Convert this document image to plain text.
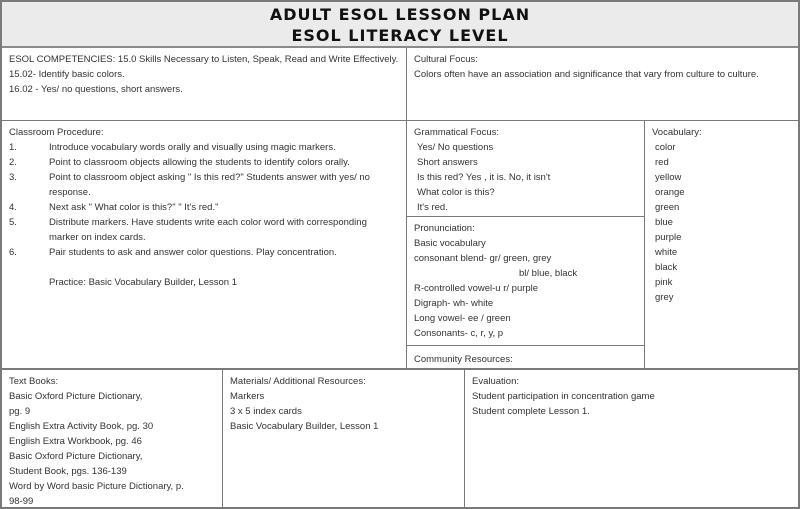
ADULT ESOL LESSON PLAN
ESOL LITERACY LEVEL
ESOL COMPETENCIES: 15.0 Skills Necessary to Listen, Speak, Read and Write Effectively.
15.02- Identify basic colors.
16.02 - Yes/ no questions, short answers.
Cultural Focus:
Colors often have an association and significance that vary from culture to culture.
Classroom Procedure:
1.	Introduce vocabulary words orally and visually using magic markers.
2.	Point to classroom objects allowing the students to identify colors orally.
3.	Point to classroom object asking " Is this red?" Students answer with yes/ no response.
4.	Next ask " What color is this?" " It's red."
5.	Distribute markers. Have students write each color word with corresponding marker on index cards.
6.	Pair students to ask and answer color questions. Play concentration.
Practice: Basic Vocabulary Builder, Lesson 1
Grammatical Focus:
Yes/ No questions
Short answers
Is this red? Yes , it is. No, it isn't
What color is this?
It's red.
Pronunciation:
Basic vocabulary
consonant blend- gr/ green, grey
bl/ blue, black
R-controlled vowel-u r/ purple
Digraph- wh- white
Long vowel- ee / green
Consonants- c, r, y, p
Community Resources:
Vocabulary:
color
red
yellow
orange
green
blue
purple
white
black
pink
grey
Text Books:
Basic Oxford Picture Dictionary,
pg. 9
English Extra Activity Book, pg. 30
English Extra Workbook, pg. 46
Basic Oxford Picture Dictionary,
Student Book, pgs. 136-139
Word by Word basic Picture Dictionary, p.
98-99
Materials/ Additional Resources:
Markers
3 x 5 index cards
Basic Vocabulary Builder, Lesson 1
Evaluation:
Student participation in concentration game
Student complete Lesson 1.
